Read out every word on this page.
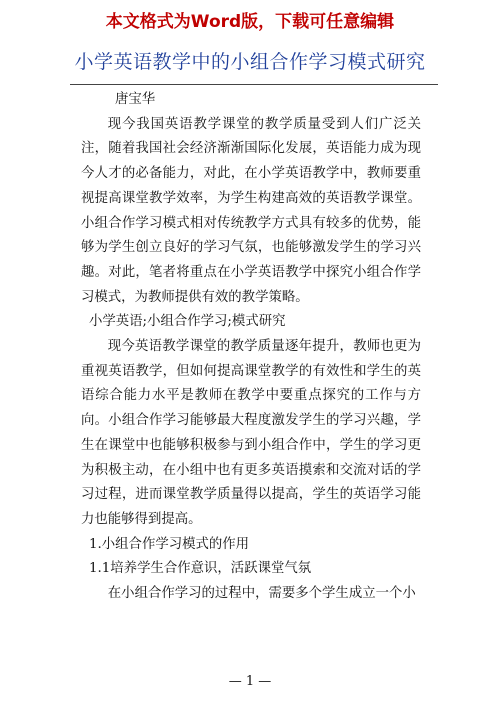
本文格式为Word版，下载可任意编辑
小学英语教学中的小组合作学习模式研究

唐宝华

现今我国英语教学课堂的教学质量受到人们广泛关注，随着我国社会经济渐渐国际化发展，英语能力成为现今人才的必备能力，对此，在小学英语教学中，教师要重视提高课堂教学效率，为学生构建高效的英语教学课堂。小组合作学习模式相对传统教学方式具有较多的优势，能够为学生创立良好的学习气氛，也能够激发学生的学习兴趣。对此，笔者将重点在小学英语教学中探究小组合作学习模式，为教师提供有效的教学策略。

小学英语;小组合作学习;模式研究

现今英语教学课堂的教学质量逐年提升，教师也更为重视英语教学，但如何提高课堂教学的有效性和学生的英语综合能力水平是教师在教学中要重点探究的工作与方向。小组合作学习能够最大程度激发学生的学习兴趣，学生在课堂中也能够积极参与到小组合作中，学生的学习更为积极主动，在小组中也有更多英语摸索和交流对话的学习过程，进而课堂教学质量得以提高，学生的英语学习能力也能够得到提高。

1.小组合作学习模式的作用

1.1培养学生合作意识，活跃课堂气氛

在小组合作学习的过程中，需要多个学生成立一个小

— 1 —
